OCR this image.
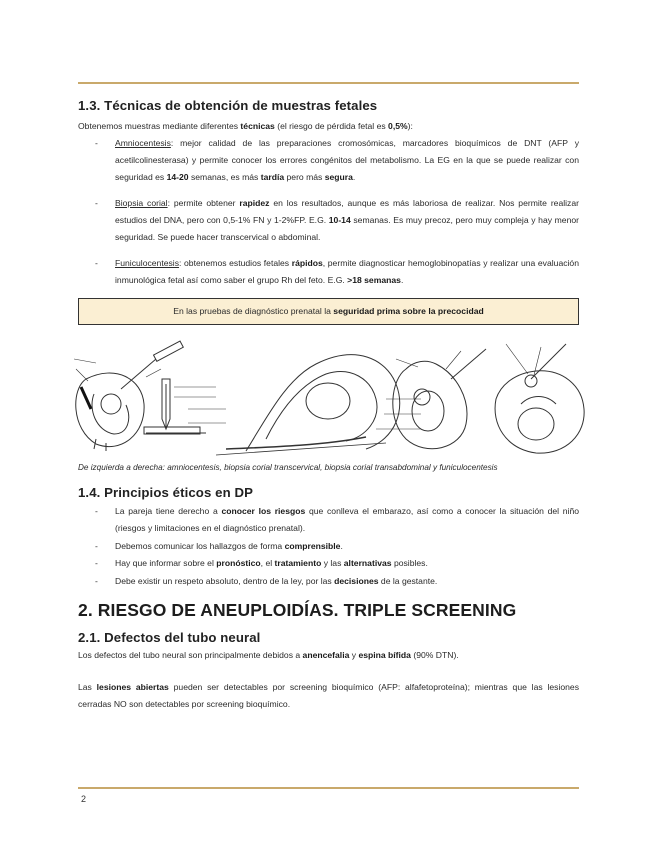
1.3. Técnicas de obtención de muestras fetales

Obtenemos muestras mediante diferentes técnicas (el riesgo de pérdida fetal es 0,5%):

- Amniocentesis: mejor calidad de las preparaciones cromosómicas, marcadores bioquímicos de DNT (AFP y acetilcolinesterasa) y permite conocer los errores congénitos del metabolismo. La EG en la que se puede realizar con seguridad es 14-20 semanas, es más tardía pero más segura.
- Biopsia corial: permite obtener rapidez en los resultados, aunque es más laboriosa de realizar. Nos permite realizar estudios del DNA, pero con 0,5-1% FN y 1-2%FP. E.G. 10-14 semanas. Es muy precoz, pero muy compleja y hay menor seguridad. Se puede hacer transcervical o abdominal.
- Funiculocentesis: obtenemos estudios fetales rápidos, permite diagnosticar hemoglobinopatías y realizar una evaluación inmunológica fetal así como saber el grupo Rh del feto. E.G. >18 semanas.
En las pruebas de diagnóstico prenatal la seguridad prima sobre la precocidad

De izquierda a derecha: amniocentesis, biopsia corial transcervical, biopsia corial transabdominal y funiculocentesis

1.4. Principios éticos en DP
- La pareja tiene derecho a conocer los riesgos que conlleva el embarazo, así como a conocer la situación del niño (riesgos y limitaciones en el diagnóstico prenatal).
- Debemos comunicar los hallazgos de forma comprensible.
- Hay que informar sobre el pronóstico, el tratamiento y las alternativas posibles.
- Debe existir un respeto absoluto, dentro de la ley, por las decisiones de la gestante.
2. RIESGO DE ANEUPLOIDÍAS. TRIPLE SCREENING
2.1. Defectos del tubo neural

Los defectos del tubo neural son principalmente debidos a anencefalia y espina bífida (90% DTN).

Las lesiones abiertas pueden ser detectables por screening bioquímico (AFP: alfafetoproteína); mientras que las lesiones cerradas NO son detectables por screening bioquímico.

2
